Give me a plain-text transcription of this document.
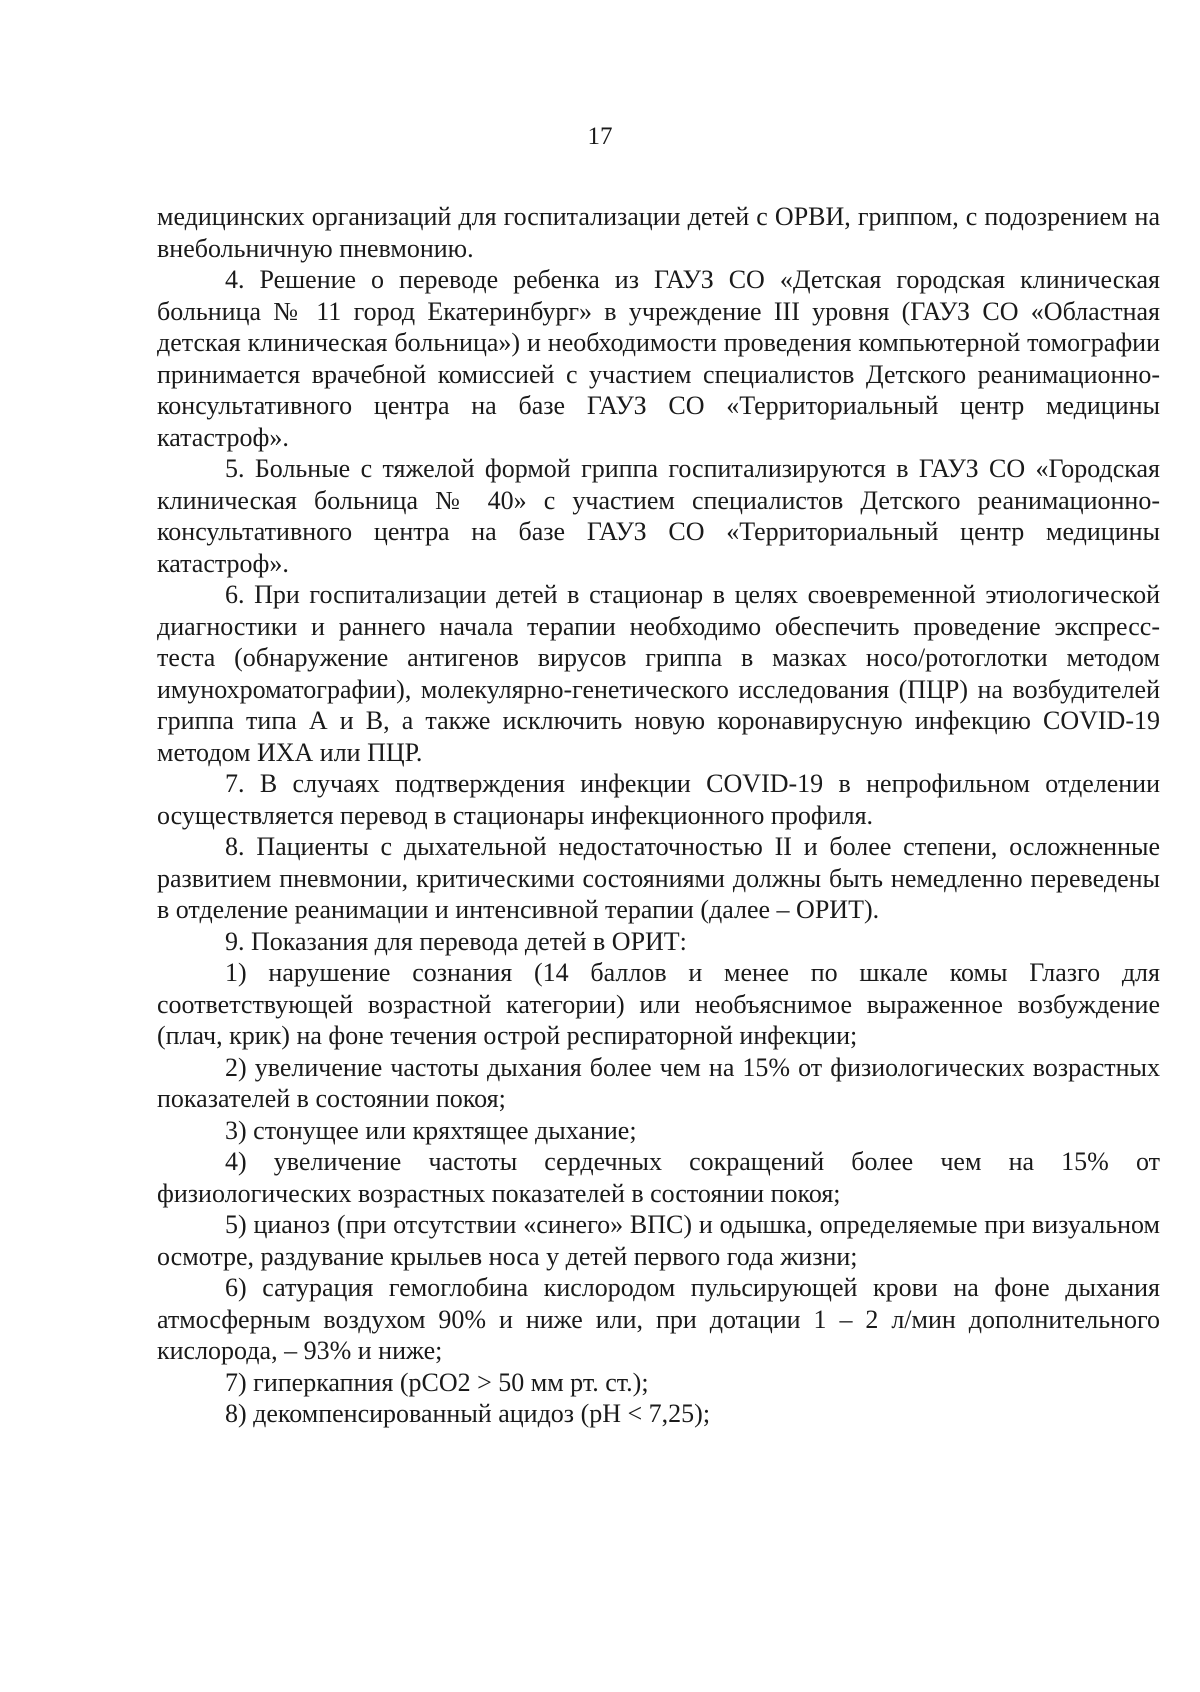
17

медицинских организаций для госпитализации детей с ОРВИ, гриппом, с подозрением на внебольничную пневмонию.

4. Решение о переводе ребенка из ГАУЗ СО «Детская городская клиническая больница № 11 город Екатеринбург» в учреждение III уровня (ГАУЗ СО «Областная детская клиническая больница») и необходимости проведения компьютерной томографии принимается врачебной комиссией с участием специалистов Детского реанимационно-консультативного центра на базе ГАУЗ СО «Территориальный центр медицины катастроф».

5. Больные с тяжелой формой гриппа госпитализируются в ГАУЗ СО «Городская клиническая больница № 40» с участием специалистов Детского реанимационно-консультативного центра на базе ГАУЗ СО «Территориальный центр медицины катастроф».

6. При госпитализации детей в стационар в целях своевременной этиологической диагностики и раннего начала терапии необходимо обеспечить проведение экспресс-теста (обнаружение антигенов вирусов гриппа в мазках носо/ротоглотки методом имунохроматографии), молекулярно-генетического исследования (ПЦР) на возбудителей гриппа типа А и В, а также исключить новую коронавирусную инфекцию COVID-19 методом ИХА или ПЦР.

7. В случаях подтверждения инфекции COVID-19 в непрофильном отделении осуществляется перевод в стационары инфекционного профиля.

8. Пациенты с дыхательной недостаточностью II и более степени, осложненные развитием пневмонии, критическими состояниями должны быть немедленно переведены в отделение реанимации и интенсивной терапии (далее – ОРИТ).

9. Показания для перевода детей в ОРИТ:

1) нарушение сознания (14 баллов и менее по шкале комы Глазго для соответствующей возрастной категории) или необъяснимое выраженное возбуждение (плач, крик) на фоне течения острой респираторной инфекции;

2) увеличение частоты дыхания более чем на 15% от физиологических возрастных показателей в состоянии покоя;

3) стонущее или кряхтящее дыхание;

4) увеличение частоты сердечных сокращений более чем на 15% от физиологических возрастных показателей в состоянии покоя;

5) цианоз (при отсутствии «синего» ВПС) и одышка, определяемые при визуальном осмотре, раздувание крыльев носа у детей первого года жизни;

6) сатурация гемоглобина кислородом пульсирующей крови на фоне дыхания атмосферным воздухом 90% и ниже или, при дотации 1 – 2 л/мин дополнительного кислорода, – 93% и ниже;

7) гиперкапния (pCO2 > 50 мм рт. ст.);

8) декомпенсированный ацидоз (pH < 7,25);
